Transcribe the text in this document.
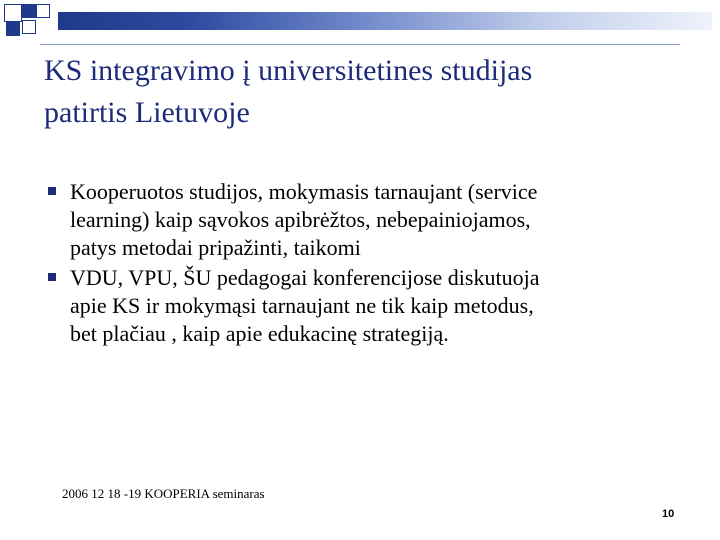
KS integravimo į universitetines studijas
patirtis Lietuvoje
Kooperuotos studijos, mokymasis tarnaujant (service
learning) kaip sąvokos apibrėžtos, nebepainiojamos,
patys metodai pripažinti, taikomi
VDU, VPU, ŠU pedagogai konferencijose diskutuoja
apie KS ir mokymąsi tarnaujant ne tik kaip metodus,
bet plačiau , kaip apie edukacinę strategiją.
2006 12 18 -19 KOOPERIA seminaras
10
